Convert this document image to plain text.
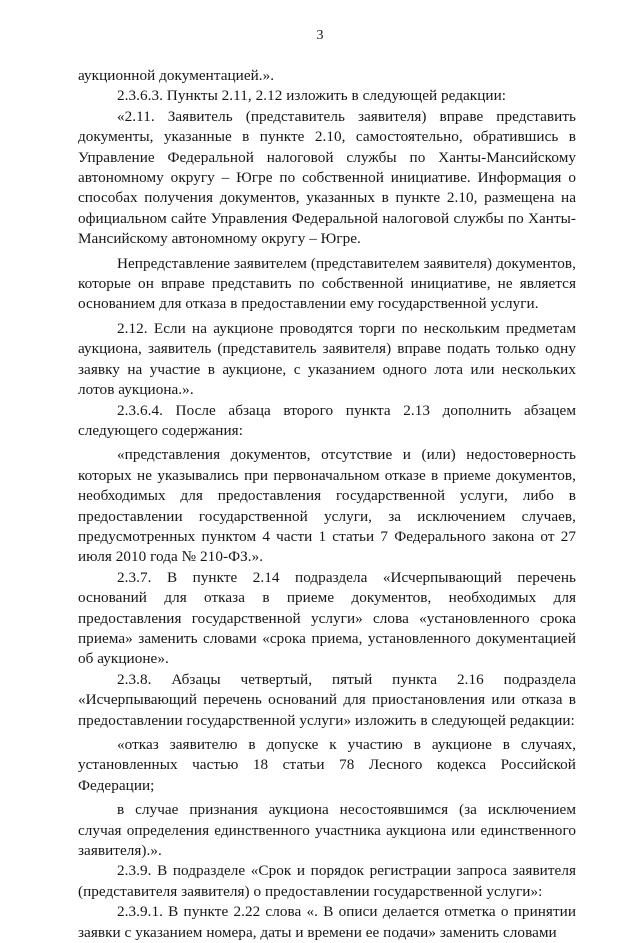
3

аукционной документацией.».

2.3.6.3. Пункты 2.11, 2.12 изложить в следующей редакции:

«2.11. Заявитель (представитель заявителя) вправе представить документы, указанные в пункте 2.10, самостоятельно, обратившись в Управление Федеральной налоговой службы по Ханты-Мансийскому автономному округу – Югре по собственной инициативе. Информация о способах получения документов, указанных в пункте 2.10, размещена на официальном сайте Управления Федеральной налоговой службы по Ханты-Мансийскому автономному округу – Югре.

Непредставление заявителем (представителем заявителя) документов, которые он вправе представить по собственной инициативе, не является основанием для отказа в предоставлении ему государственной услуги.

2.12. Если на аукционе проводятся торги по нескольким предметам аукциона, заявитель (представитель заявителя) вправе подать только одну заявку на участие в аукционе, с указанием одного лота или нескольких лотов аукциона.».

2.3.6.4. После абзаца второго пункта 2.13 дополнить абзацем следующего содержания:

«представления документов, отсутствие и (или) недостоверность которых не указывались при первоначальном отказе в приеме документов, необходимых для предоставления государственной услуги, либо в предоставлении государственной услуги, за исключением случаев, предусмотренных пунктом 4 части 1 статьи 7 Федерального закона от 27 июля 2010 года № 210-ФЗ.».

2.3.7. В пункте 2.14 подраздела «Исчерпывающий перечень оснований для отказа в приеме документов, необходимых для предоставления государственной услуги» слова «установленного срока приема» заменить словами «срока приема, установленного документацией об аукционе».

2.3.8. Абзацы четвертый, пятый пункта 2.16 подраздела «Исчерпывающий перечень оснований для приостановления или отказа в предоставлении государственной услуги» изложить в следующей редакции:

«отказ заявителю в допуске к участию в аукционе в случаях, установленных частью 18 статьи 78 Лесного кодекса Российской Федерации;

в случае признания аукциона несостоявшимся (за исключением случая определения единственного участника аукциона или единственного заявителя).».

2.3.9. В подразделе «Срок и порядок регистрации запроса заявителя (представителя заявителя) о предоставлении государственной услуги»:

2.3.9.1. В пункте 2.22 слова «. В описи делается отметка о принятии заявки с указанием номера, даты и времени ее подачи» заменить словами
